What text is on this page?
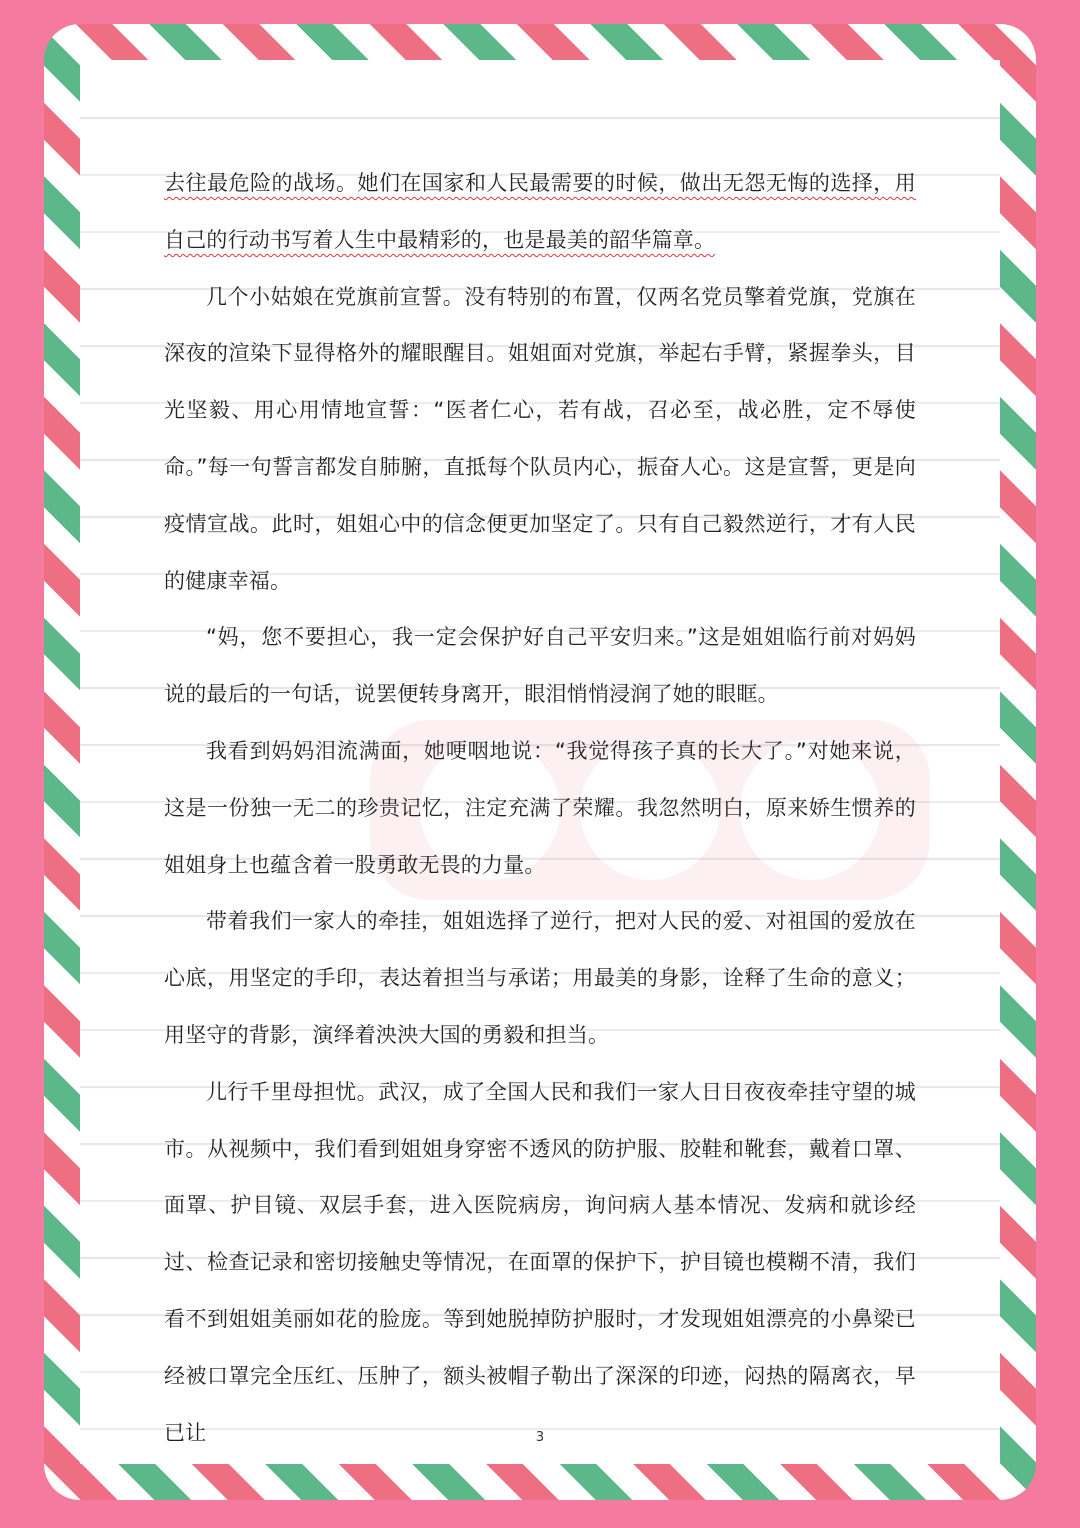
去往最危险的战场。她们在国家和人民最需要的时候，做出无怨无悔的选择，用自己的行动书写着人生中最精彩的，也是最美的韶华篇章。

几个小姑娘在党旗前宣誓。没有特别的布置，仅两名党员擎着党旗，党旗在深夜的渲染下显得格外的耀眼醒目。姐姐面对党旗，举起右手臂，紧握拳头，目光坚毅、用心用情地宣誓：“医者仁心，若有战，召必至，战必胜，定不辱使命。”每一句誓言都发自肺腑，直抵每个队员内心，振奋人心。这是宣誓，更是向疫情宣战。此时，姐姐心中的信念便更加坚定了。只有自己毅然逆行，才有人民的健康幸福。

“妈，您不要担心，我一定会保护好自己平安归来。”这是姐姐临行前对妈妈说的最后的一句话，说罢便转身离开，眼泪悄悄浸润了她的眼眶。

我看到妈妈泪流满面，她哽咽地说：“我觉得孩子真的长大了。”对她来说，这是一份独一无二的珍贵记忆，注定充满了荣耀。我忽然明白，原来娇生惯养的姐姐身上也蕴含着一股勇敢无畏的力量。

带着我们一家人的牵挂，姐姐选择了逆行，把对人民的爱、对祖国的爱放在心底，用坚定的手印，表达着担当与承诺；用最美的身影，诠释了生命的意义；用坚守的背影，演绎着泱泱大国的勇毅和担当。

儿行千里母担忧。武汉，成了全国人民和我们一家人日日夜夜牵挂守望的城市。从视频中，我们看到姐姐身穿密不透风的防护服、胶鞋和靴套，戴着口罩、面罩、护目镜、双层手套，进入医院病房，询问病人基本情况、发病和就诊经过、检查记录和密切接触史等情况，在面罩的保护下，护目镜也模糊不清，我们看不到姐姐美丽如花的脸庞。等到她脱掉防护服时，才发现姐姐漂亮的小鼻梁已经被口罩完全压红、压肿了，额头被帽子勒出了深深的印迹，闷热的隔离衣，早已让	3
